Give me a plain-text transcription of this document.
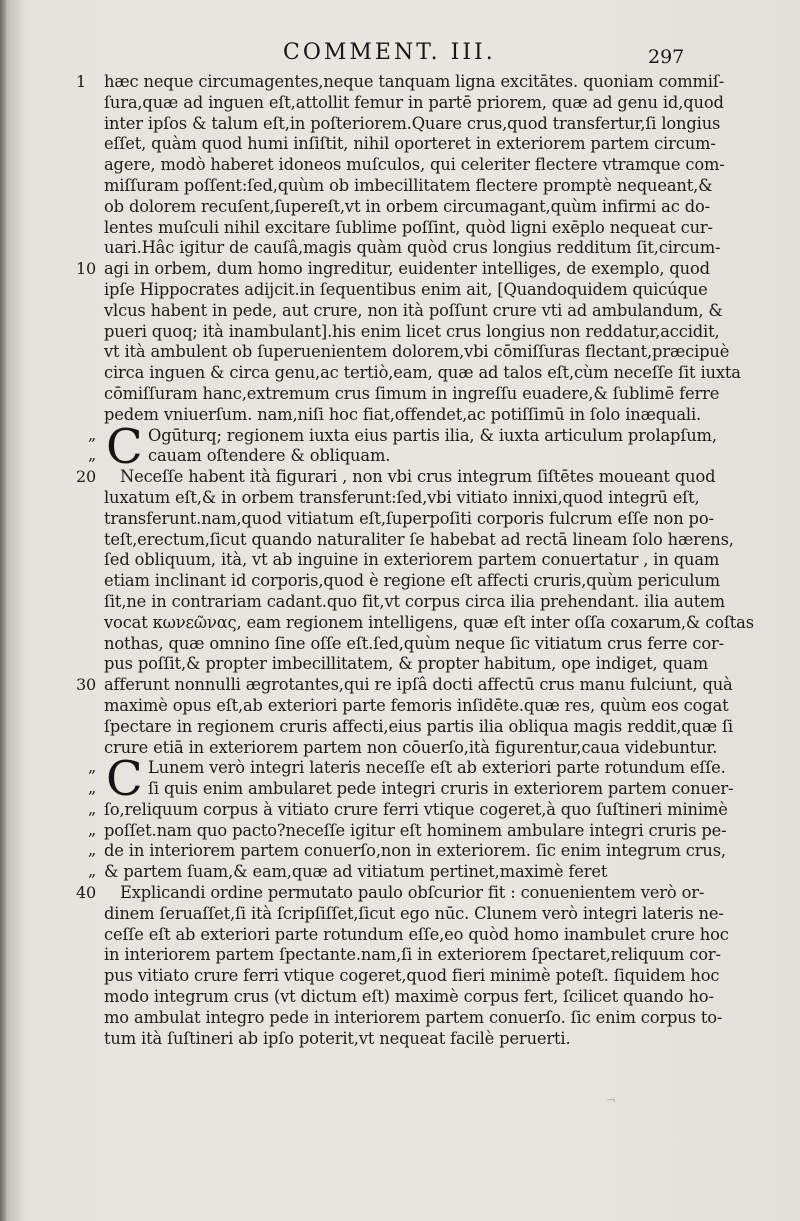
COMMENT. III.	297
1	hæc neque circumagentes,neque tanquam ligna excitātes. quoniam commiſ-
ſura,quæ ad inguen eſt,attollit femur in partē priorem, quæ ad genu id,quod
inter ipſos & talum eſt,in poſteriorem.Quare crus,quod transfertur,ſi longius
eſſet, quàm quod humi inſiſtit, nihil oporteret in exteriorem partem circum-
agere, modò haberet idoneos muſculos, qui celeriter flectere vtramque com-
miſſuram poſſent:ſed,quùm ob imbecillitatem flectere promptè nequeant,&
ob dolorem recuſent,ſupereſt,vt in orbem circumagant,quùm infirmi ac do-
lentes muſculi nihil excitare ſublime poſſint, quòd ligni exēplo nequeat cur-
uari.Hâc igitur de cauſâ,magis quàm quòd crus longius redditum ſit,circum-
10 agi in orbem, dum homo ingreditur, euidenter intelliges, de exemplo, quod
ipſe Hippocrates adijcit.in ſequentibus enim ait, [Quandoquidem quicúque
vlcus habent in pede, aut crure, non ità poſſunt crure vti ad ambulandum, &
pueri quoq; ità inambulant].his enim licet crus longius non reddatur,accidit,
vt ità ambulent ob ſuperuenientem dolorem,vbi cōmiſſuras flectant,præcipuè
circa inguen & circa genu,ac tertiò,eam, quæ ad talos eſt,cùm neceſſe ſit iuxta
cōmiſſuram hanc,extremum crus ſimum in ingreſſu euadere,& ſublimē ferre
pedem vniuerſum. nam,niſi hoc fiat,offendet,ac potiſſimū in ſolo inæquali.
„ C Ogūturq; regionem iuxta eius partis ilia, & iuxta articulum prolapſum,
„	cauam oſtendere & obliquam.
20	Neceſſe habent ità figurari , non vbi crus integrum ſiſtētes moueant quod
luxatum eſt,& in orbem transferunt:ſed,vbi vitiato innixi,quod integrū eſt,
transferunt.nam,quod vitiatum eſt,ſuperpoſiti corporis fulcrum eſſe non po-
teſt,erectum,ſicut quando naturaliter ſe habebat ad rectā lineam ſolo hærens,
ſed obliquum, ità, vt ab inguine in exteriorem partem conuertatur , in quam
etiam inclinant id corporis,quod è regione eſt affecti cruris,quùm periculum
ſit,ne in contrariam cadant.quo fit,vt corpus circa ilia prehendant. ilia autem
vocat κωνεῶνας, eam regionem intelligens, quæ eſt inter oſſa coxarum,& coſtas
nothas, quæ omnino ſine oſſe eſt.ſed,quùm neque ſic vitiatum crus ferre cor-
pus poſſit,& propter imbecillitatem, & propter habitum, ope indiget, quam
30 afferunt nonnulli ægrotantes,qui re ipſâ docti affectū crus manu fulciunt, quà
maximè opus eſt,ab exteriori parte femoris inſidēte.quæ res, quùm eos cogat
ſpectare in regionem cruris affecti,eius partis ilia obliqua magis reddit,quæ ſi
crure etiā in exteriorem partem non cōuerſo,ità figurentur,caua videbuntur.
„ C Lunem verò integri lateris neceſſe eſt ab exteriori parte rotundum eſſe.
„	ſi quis enim ambularet pede integri cruris in exteriorem partem conuer-
„ ſo,reliquum corpus à vitiato crure ferri vtique cogeret,à quo ſuſtineri minimè
„ poſſet.nam quo pacto?neceſſe igitur eſt hominem ambulare integri cruris pe-
„ de in interiorem partem conuerſo,non in exteriorem. ſic enim integrum crus,
„ & partem ſuam,& eam,quæ ad vitiatum pertinet,maximè feret
40	Explicandi ordine permutato paulo obſcurior fit : conuenientem verò or-
dinem ſeruaſſet,ſi ità ſcripſiſſet,ſicut ego nūc. Clunem verò integri lateris ne-
ceſſe eſt ab exteriori parte rotundum eſſe,eo quòd homo inambulet crure hoc
in interiorem partem ſpectante.nam,ſi in exteriorem ſpectaret,reliquum cor-
pus vitiato crure ferri vtique cogeret,quod fieri minimè poteſt. ſiquidem hoc
modo integrum crus (vt dictum eſt) maximè corpus fert, ſcilicet quando ho-
mo ambulat integro pede in interiorem partem conuerſo. ſic enim corpus to-
tum ità ſuſtineri ab ipſo poterit,vt nequeat facilè peruerti.
¬
